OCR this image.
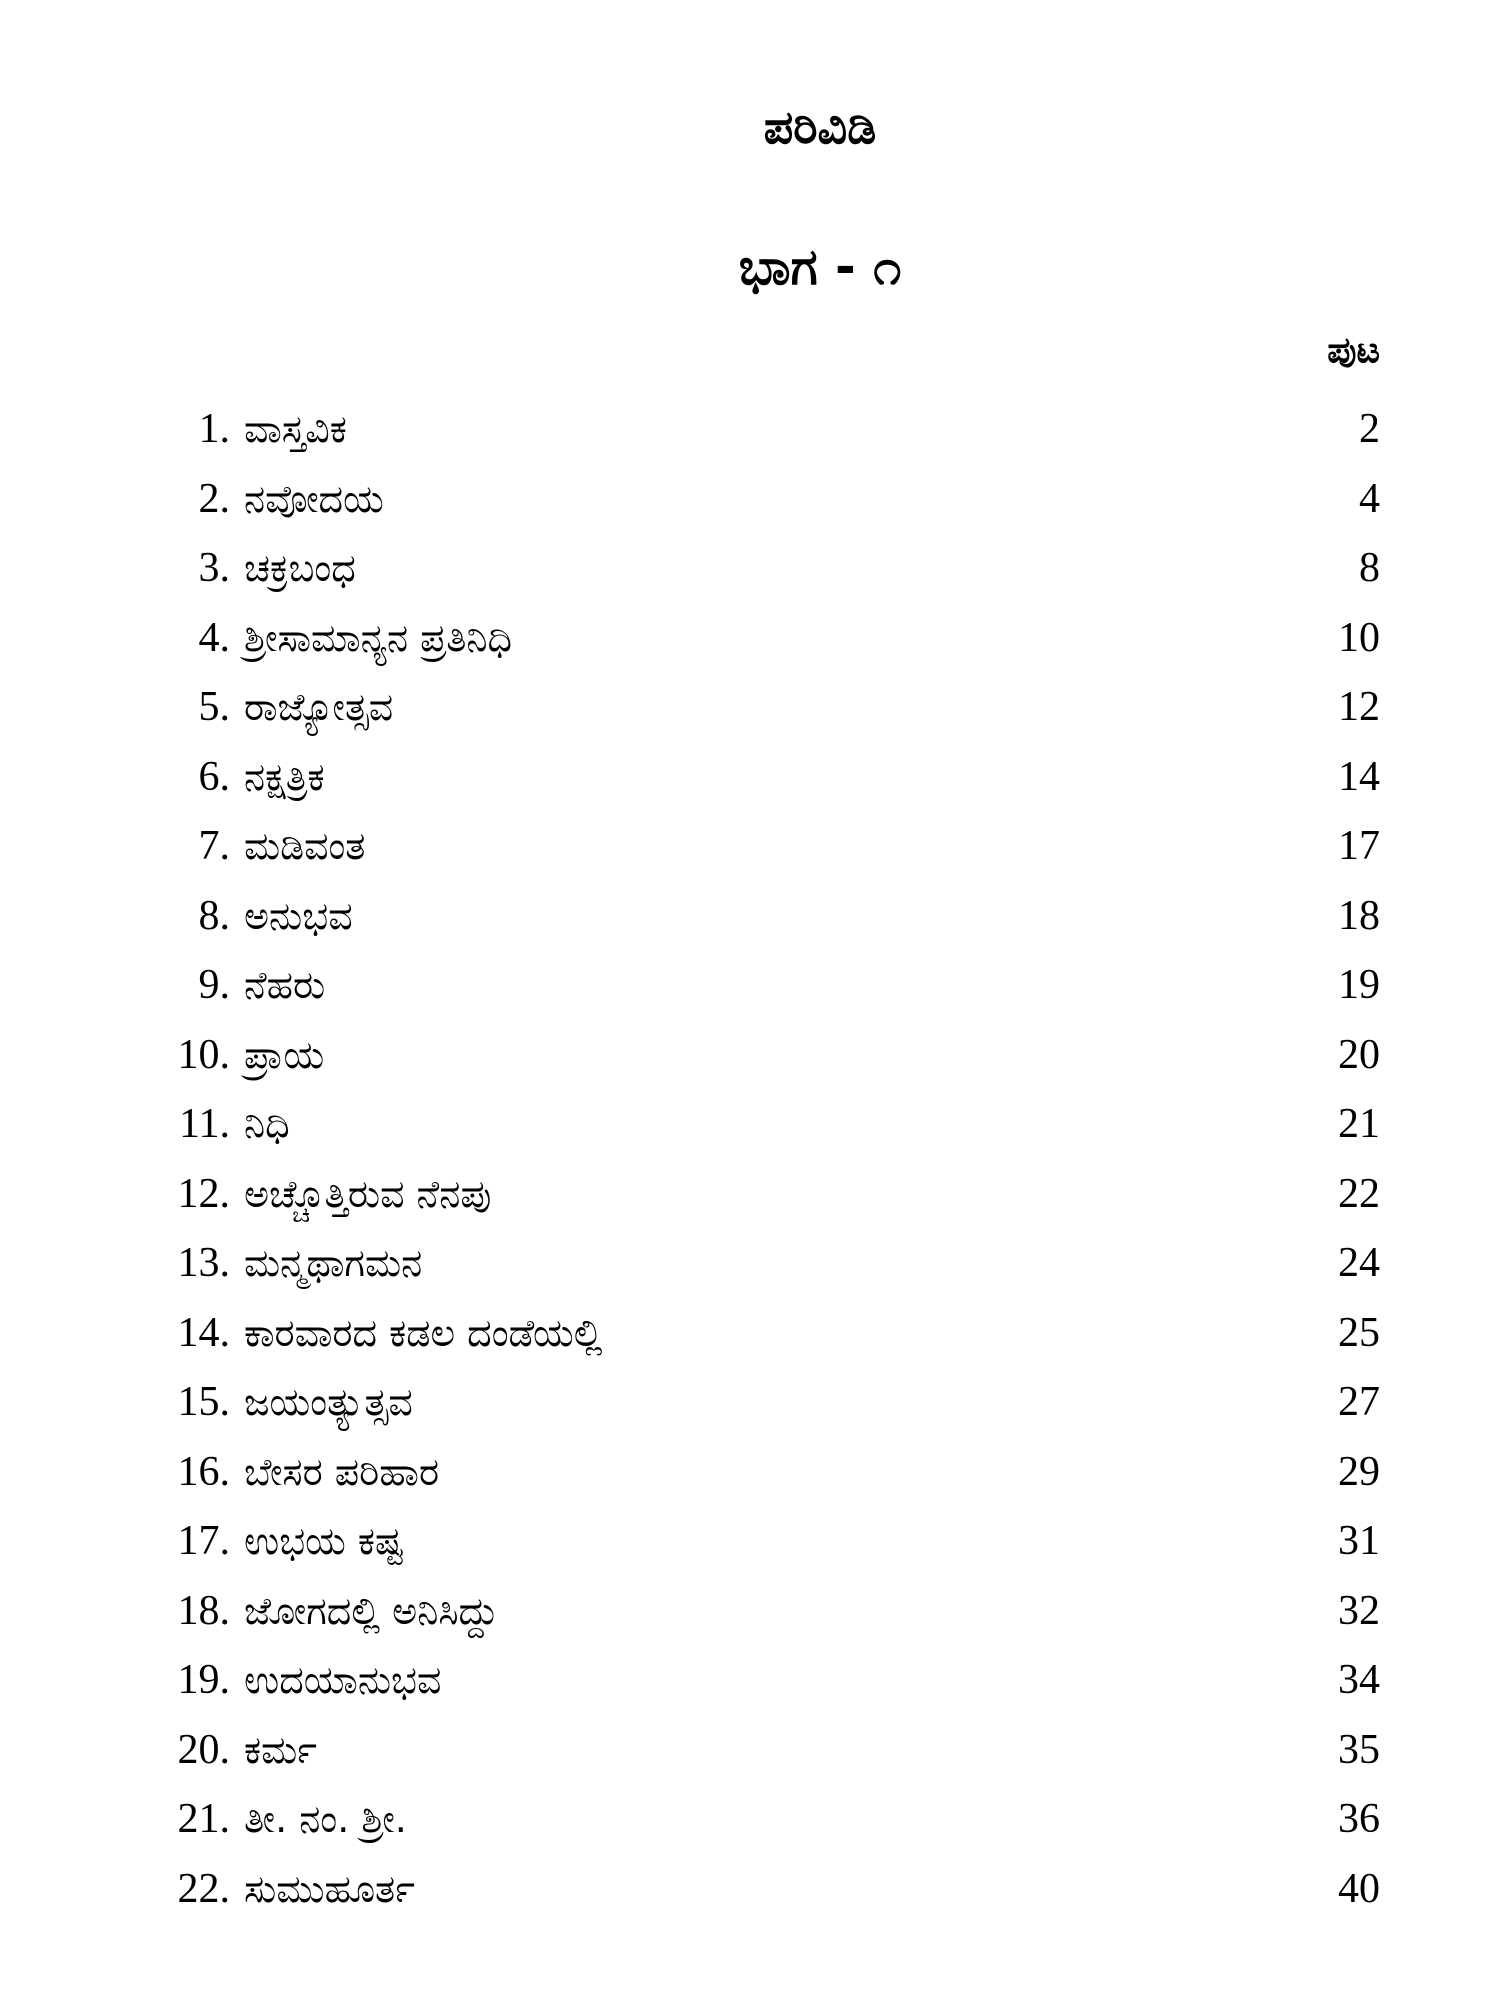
ಪರಿವಿಡಿ
ಭಾಗ - ೧
ಪುಟ
1. ವಾಸ್ತವಿಕ	2
2. ನವೋದಯ	4
3. ಚಕ್ರಬಂಧ	8
4. ಶ್ರೀಸಾಮಾನ್ಯನ ಪ್ರತಿನಿಧಿ	10
5. ರಾಜ್ಯೋತ್ಸವ	12
6. ನಕ್ಷತ್ರಿಕ	14
7. ಮಡಿವಂತ	17
8. ಅನುಭವ	18
9. ನೆಹರು	19
10. ಪ್ರಾಯ	20
11. ನಿಧಿ	21
12. ಅಚ್ಚೊತ್ತಿರುವ ನೆನಪು	22
13. ಮನ್ಮಥಾಗಮನ	24
14. ಕಾರವಾರದ ಕಡಲ ದಂಡೆಯಲ್ಲಿ	25
15. ಜಯಂತ್ಯುತ್ಸವ	27
16. ಬೇಸರ ಪರಿಹಾರ	29
17. ಉಭಯ ಕಷ್ಟ	31
18. ಜೋಗದಲ್ಲಿ ಅನಿಸಿದ್ದು	32
19. ಉದಯಾನುಭವ	34
20. ಕರ್ಮ	35
21. ತೀ. ನಂ. ಶ್ರೀ.	36
22. ಸುಮುಹೂರ್ತ	40
